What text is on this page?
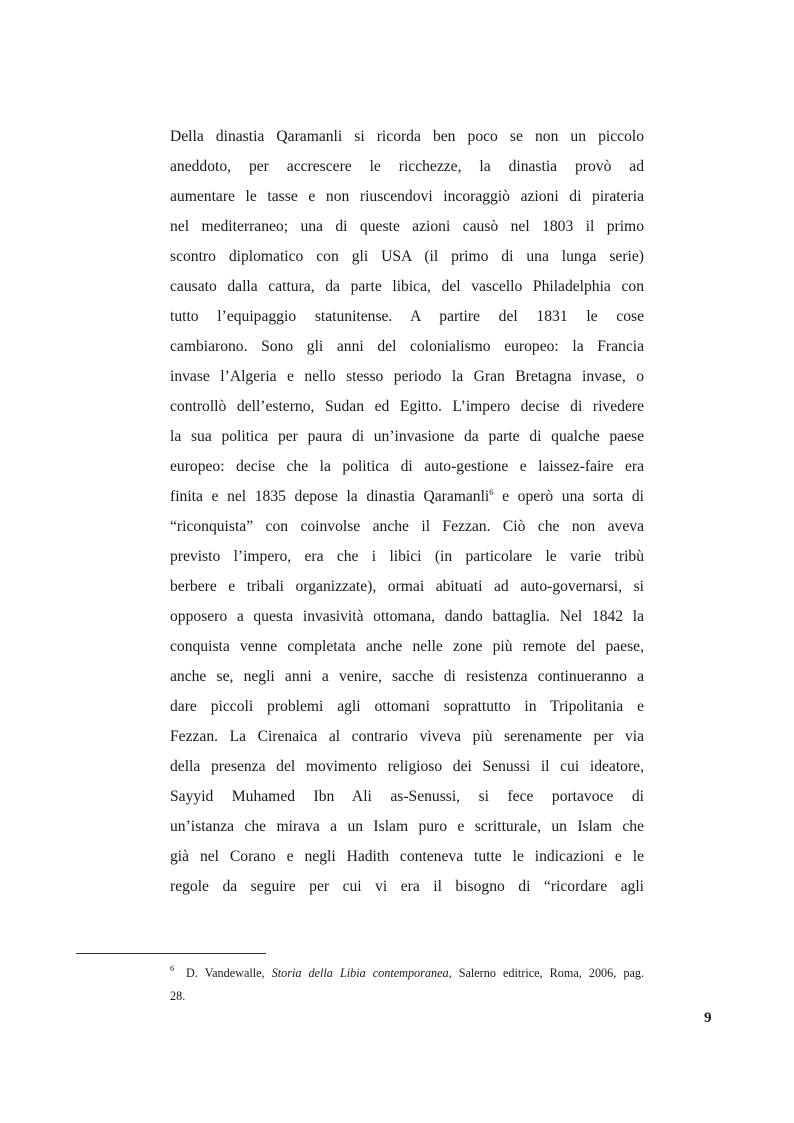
Della dinastia Qaramanli si ricorda ben poco se non un piccolo
aneddoto, per accrescere le ricchezze, la dinastia provò ad
aumentare le tasse e non riuscendovi incoraggiò azioni di pirateria
nel mediterraneo; una di queste azioni causò nel 1803 il primo
scontro diplomatico con gli USA (il primo di una lunga serie)
causato dalla cattura, da parte libica, del vascello Philadelphia con
tutto l’equipaggio statunitense. A partire del 1831 le cose
cambiarono. Sono gli anni del colonialismo europeo: la Francia
invase l’Algeria e nello stesso periodo la Gran Bretagna invase, o
controllò dell’esterno, Sudan ed Egitto. L’impero decise di rivedere
la sua politica per paura di un’invasione da parte di qualche paese
europeo: decise che la politica di auto-gestione e laissez-faire era
finita e nel 1835 depose la dinastia Qaramanli$^6$ e operò una sorta di
“riconquista” con coinvolse anche il Fezzan. Ciò che non aveva
previsto l’impero, era che i libici (in particolare le varie tribù
berbere e tribali organizzate), ormai abituati ad auto-governarsi, si
opposero a questa invasività ottomana, dando battaglia. Nel 1842 la
conquista venne completata anche nelle zone più remote del paese,
anche se, negli anni a venire, sacche di resistenza continueranno a
dare piccoli problemi agli ottomani soprattutto in Tripolitania e
Fezzan. La Cirenaica al contrario viveva più serenamente per via
della presenza del movimento religioso dei Senussi il cui ideatore,
Sayyid Muhamed Ibn Ali as-Senussi, si fece portavoce di
un’istanza che mirava a un Islam puro e scritturale, un Islam che
già nel Corano e negli Hadith conteneva tutte le indicazioni e le
regole da seguire per cui vi era il bisogno di “ricordare agli
$^6$ D. Vandewalle, Storia della Libia contemporanea, Salerno editrice, Roma, 2006, pag.
28.
9
